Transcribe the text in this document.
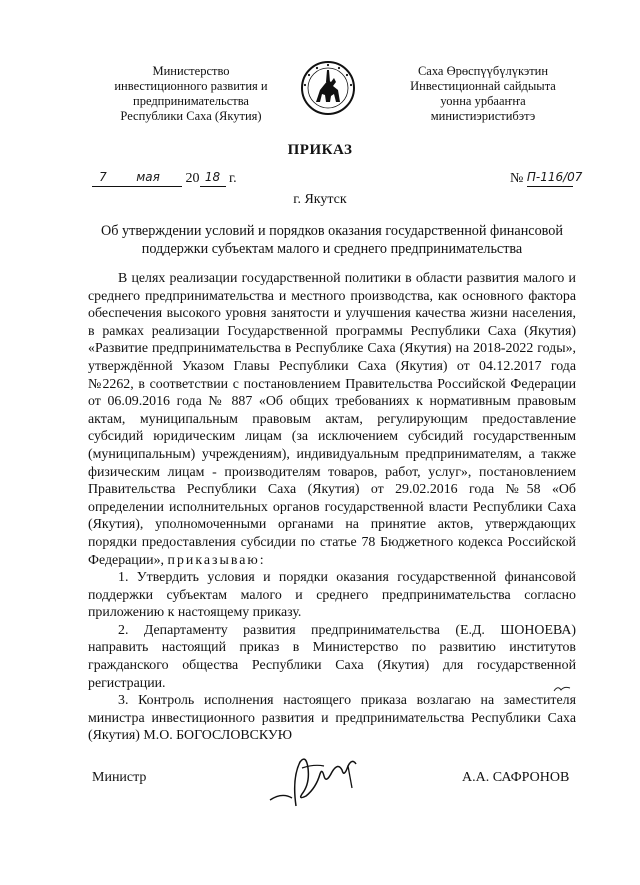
Министерство
инвестиционного развития и
предпринимательства
Республики Саха (Якутия)
Саха Өрөспүүбүлүкэтин
Инвестиционнай сайдыыта
уонна урбааҥҥа
министиэристибэтэ
ПРИКАЗ
7 мая 20 18 г.	№ П-116/07
г. Якутск
Об утверждении условий и порядков оказания государственной финансовой поддержки субъектам малого и среднего предпринимательства

В целях реализации государственной политики в области развития малого и среднего предпринимательства и местного производства, как основного фактора обеспечения высокого уровня занятости и улучшения качества жизни населения, в рамках реализации Государственной программы Республики Саха (Якутия) «Развитие предпринимательства в Республике Саха (Якутия) на 2018-2022 годы», утверждённой Указом Главы Республики Саха (Якутия) от 04.12.2017 года №2262, в соответствии с постановлением Правительства Российской Федерации от 06.09.2016 года № 887 «Об общих требованиях к нормативным правовым актам, муниципальным правовым актам, регулирующим предоставление субсидий юридическим лицам (за исключением субсидий государственным (муниципальным) учреждениям), индивидуальным предпринимателям, а также физическим лицам - производителям товаров, работ, услуг», постановлением Правительства Республики Саха (Якутия) от 29.02.2016 года №58 «Об определении исполнительных органов государственной власти Республики Саха (Якутия), уполномоченными органами на принятие актов, утверждающих порядки предоставления субсидии по статье 78 Бюджетного кодекса Российской Федерации», приказываю:

1. Утвердить условия и порядки оказания государственной финансовой поддержки субъектам малого и среднего предпринимательства согласно приложению к настоящему приказу.

2. Департаменту развития предпринимательства (Е.Д. ШОНОЕВА) направить настоящий приказ в Министерство по развитию институтов гражданского общества Республики Саха (Якутия) для государственной регистрации.

3. Контроль исполнения настоящего приказа возлагаю на заместителя министра инвестиционного развития и предпринимательства Республики Саха (Якутия) М.О. БОГОСЛОВСКУЮ

Министр	А.А. САФРОНОВ
